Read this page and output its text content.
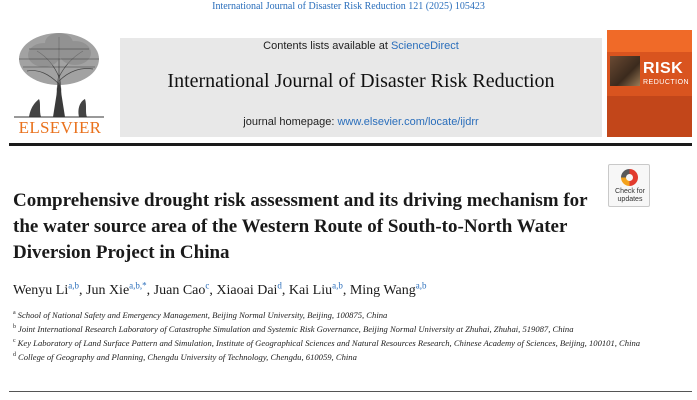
International Journal of Disaster Risk Reduction 121 (2025) 105423
ELSEVIER
Contents lists available at ScienceDirect
International Journal of Disaster Risk Reduction
journal homepage: www.elsevier.com/locate/ijdrr
RISK
REDUCTION
Comprehensive drought risk assessment and its driving mechanism for the water source area of the Western Route of South-to-North Water Diversion Project in China
Check for
updates
Wenyu Li$^{a,b}$, Jun Xie$^{a,b,*}$, Juan Cao$^c$, Xiaoai Dai$^d$, Kai Liu$^{a,b}$, Ming Wang$^{a,b}$
$^a$ School of National Safety and Emergency Management, Beijing Normal University, Beijing, 100875, China
$^b$ Joint International Research Laboratory of Catastrophe Simulation and Systemic Risk Governance, Beijing Normal University at Zhuhai, Zhuhai, 519087, China
$^c$ Key Laboratory of Land Surface Pattern and Simulation, Institute of Geographical Sciences and Natural Resources Research, Chinese Academy of Sciences, Beijing, 100101, China
$^d$ College of Geography and Planning, Chengdu University of Technology, Chengdu, 610059, China
